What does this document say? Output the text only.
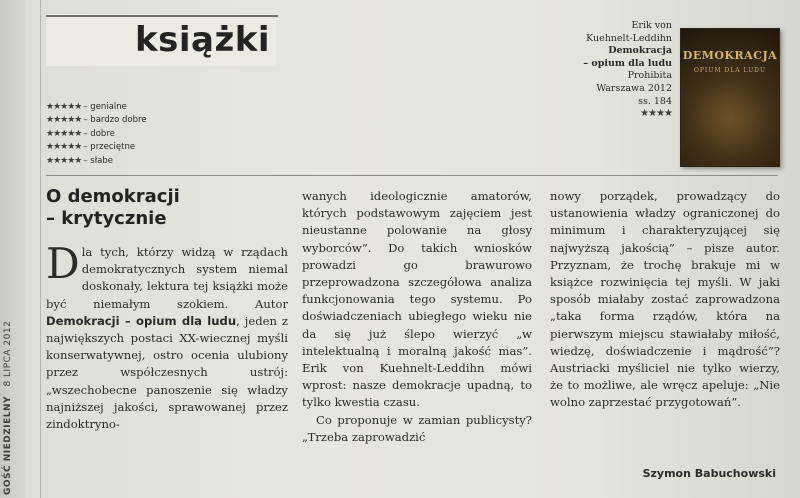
GOŚĆ NIEDZIELNY 8 LIPCA 2012
książki
★★★★★ – genialne
★★★★★ – bardzo dobre
★★★★★ – dobre
★★★★★ – przeciętne
★★★★★ – słabe
Erik von
Kuehnelt-Leddihn
Demokracja
– opium dla ludu
Prohibita
Warszawa 2012
ss. 184
★★★★
DEMOKRACJA
OPIUM DLA LUDU
O demokracji
– krytycznie

Dla tych, którzy widzą w rządach demokratycznych system niemal doskonały, lektura tej książki może być niemałym szokiem. Autor Demokracji – opium dla ludu, jeden z największych postaci XX-wiecznej myśli konserwatywnej, ostro ocenia ulubiony przez współczesnych ustrój: „wszechobecne panoszenie się władzy najniższej jakości, sprawowanej przez zindoktryno-

wanych ideologicznie amatorów, których podstawowym zajęciem jest nieustanne polowanie na głosy wyborców”. Do takich wniosków prowadzi go brawurowo przeprowadzona szczegółowa analiza funkcjonowania tego systemu. Po doświadczeniach ubiegłego wieku nie da się już ślepo wierzyć „w intelektualną i moralną jakość mas”. Erik von Kuehnelt-Leddihn mówi wprost: nasze demokracje upadną, to tylko kwestia czasu.

Co proponuje w zamian publicysty? „Trzeba zaprowadzić

nowy porządek, prowadzący do ustanowienia władzy ograniczonej do minimum i charakteryzującej się najwyższą jakością” – pisze autor. Przyznam, że trochę brakuje mi w książce rozwinięcia tej myśli. W jaki sposób miałaby zostać zaprowadzona „taka forma rządów, która na pierwszym miejscu stawiałaby miłość, wiedzę, doświadczenie i mądrość”? Austriacki myśliciel nie tylko wierzy, że to możliwe, ale wręcz apeluje: „Nie wolno zaprzestać przygotowań”.

Szymon Babuchowski
